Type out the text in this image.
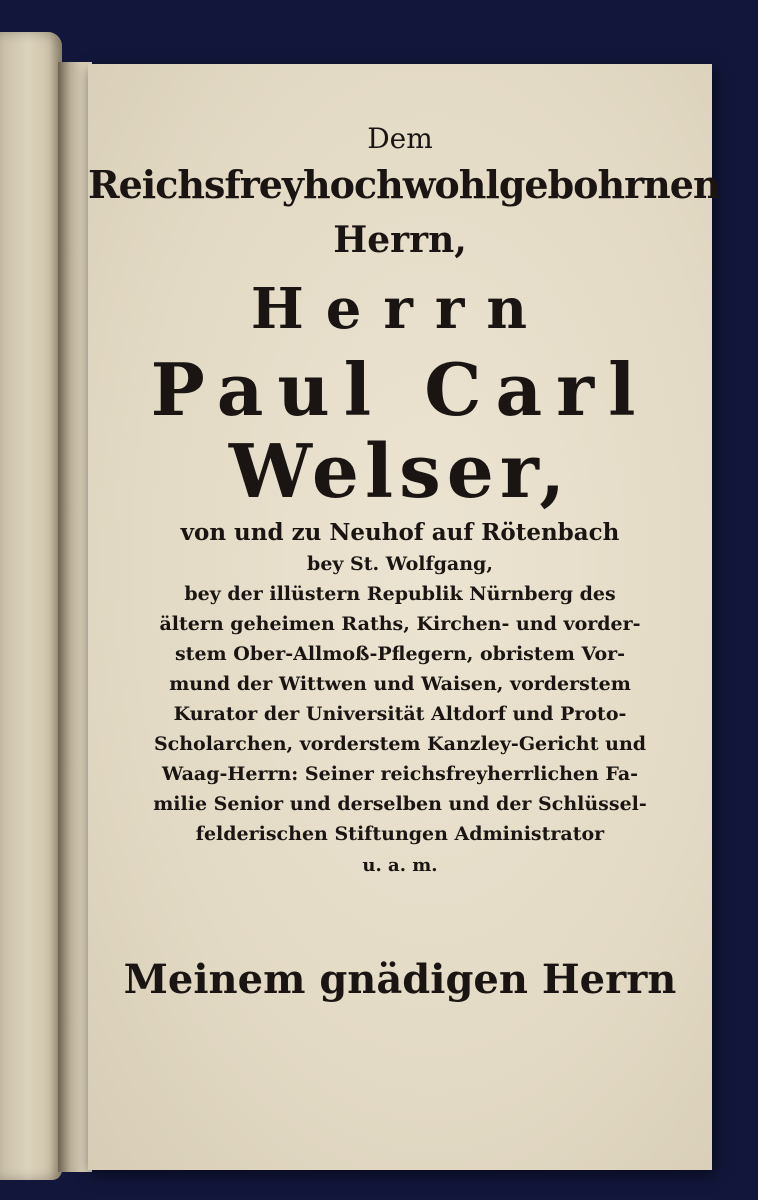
Dem
Reichsfreyhochwohlgebohrnen
Herrn,
Herrn
Paul Carl
Welser,
von und zu Neuhof auf Rötenbach
bey St. Wolfgang,
bey der illüstern Republik Nürnberg des
ältern geheimen Raths, Kirchen- und vorder-
stem Ober-Allmoß-Pflegern, obristem Vor-
mund der Wittwen und Waisen, vorderstem
Kurator der Universität Altdorf und Proto-
Scholarchen, vorderstem Kanzley-Gericht und
Waag-Herrn: Seiner reichsfreyherrlichen Fa-
milie Senior und derselben und der Schlüssel-
felderischen Stiftungen Administrator
u. a. m.
Meinem gnädigen Herrn
